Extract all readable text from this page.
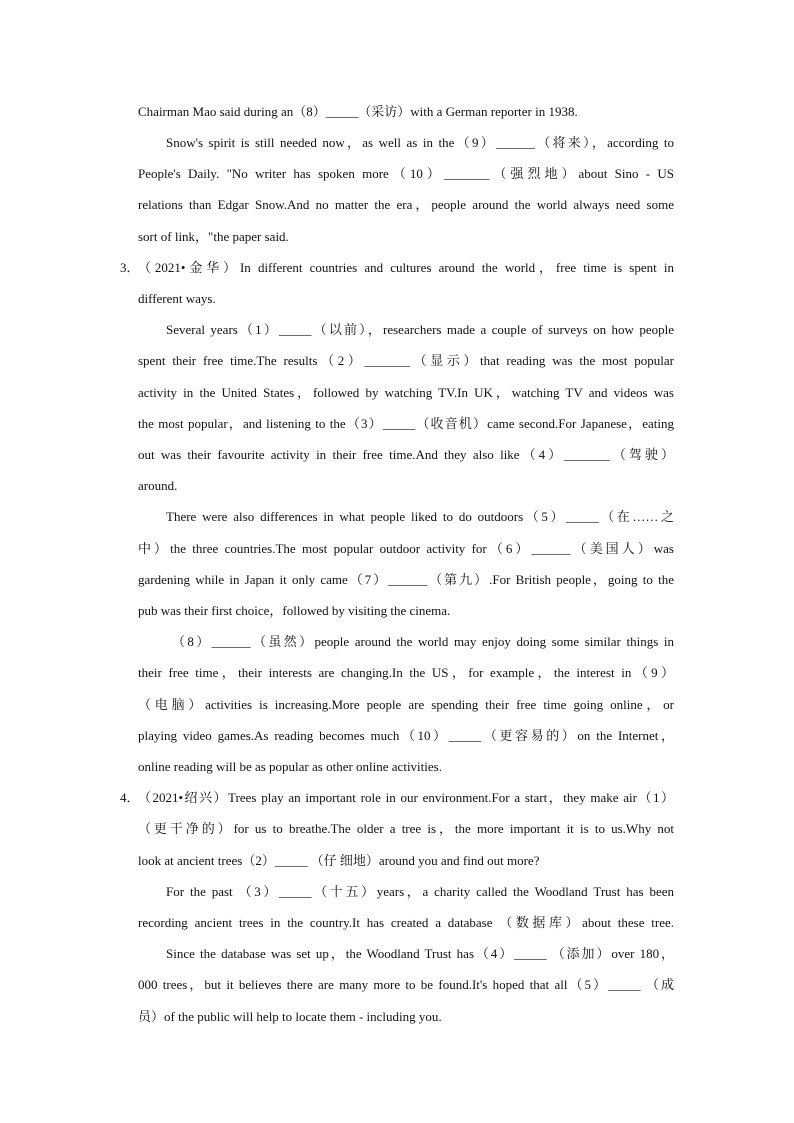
Chairman Mao said during an（8）_____（采访）with a German reporter in 1938.
Snow's spirit is still needed now，as well as in the（9）______（将来），according to
People's Daily. "No writer has spoken more（10）_______（强烈地）about Sino - US
relations than Edgar Snow.And no matter the era，people around the world always need some
sort of link，"the paper said.
3．
（2021•金华）In different countries and cultures around the world，free time is spent in
different ways.
Several years（1）_____（以前），researchers made a couple of surveys on how people
spent their free time.The results（2）_______（显示）that reading was the most popular
activity in the United States，followed by watching TV.In UK，watching TV and videos was
the most popular，and listening to the（3）_____（收音机）came second.For Japanese，eating
out was their favourite activity in their free time.And they also like（4）_______（驾驶）
around.
There were also differences in what people liked to do outdoors（5）_____（在……之
中）the three countries.The most popular outdoor activity for（6）______（美国人）was
gardening while in Japan it only came（7）______（第九）.For British people，going to the
pub was their first choice，followed by visiting the cinema.
（8）______（虽然）people around the world may enjoy doing some similar things in
their free time，their interests are changing.In the US，for example，the interest in（9）
（电脑）activities is increasing.More people are spending their free time going online，or
playing video games.As reading becomes much（10）_____（更容易的）on the Internet，
online reading will be as popular as other online activities.
4．
（2021•绍兴）Trees play an important role in our environment.For a start，they make air（1）
（更干净的）for us to breathe.The older a tree is，the more important it is to us.Why not
look at ancient trees（2）_____ （仔 细地）around you and find out more?
For the past （3）_____（十五）years，a charity called the Woodland Trust has been
recording ancient trees in the country.It has created a database （数据库）about these tree.
Since the database was set up，the Woodland Trust has（4）_____ （添加）over 180，
000 trees，but it believes there are many more to be found.It's hoped that all（5）_____ （成
员）of the public will help to locate them - including you.
